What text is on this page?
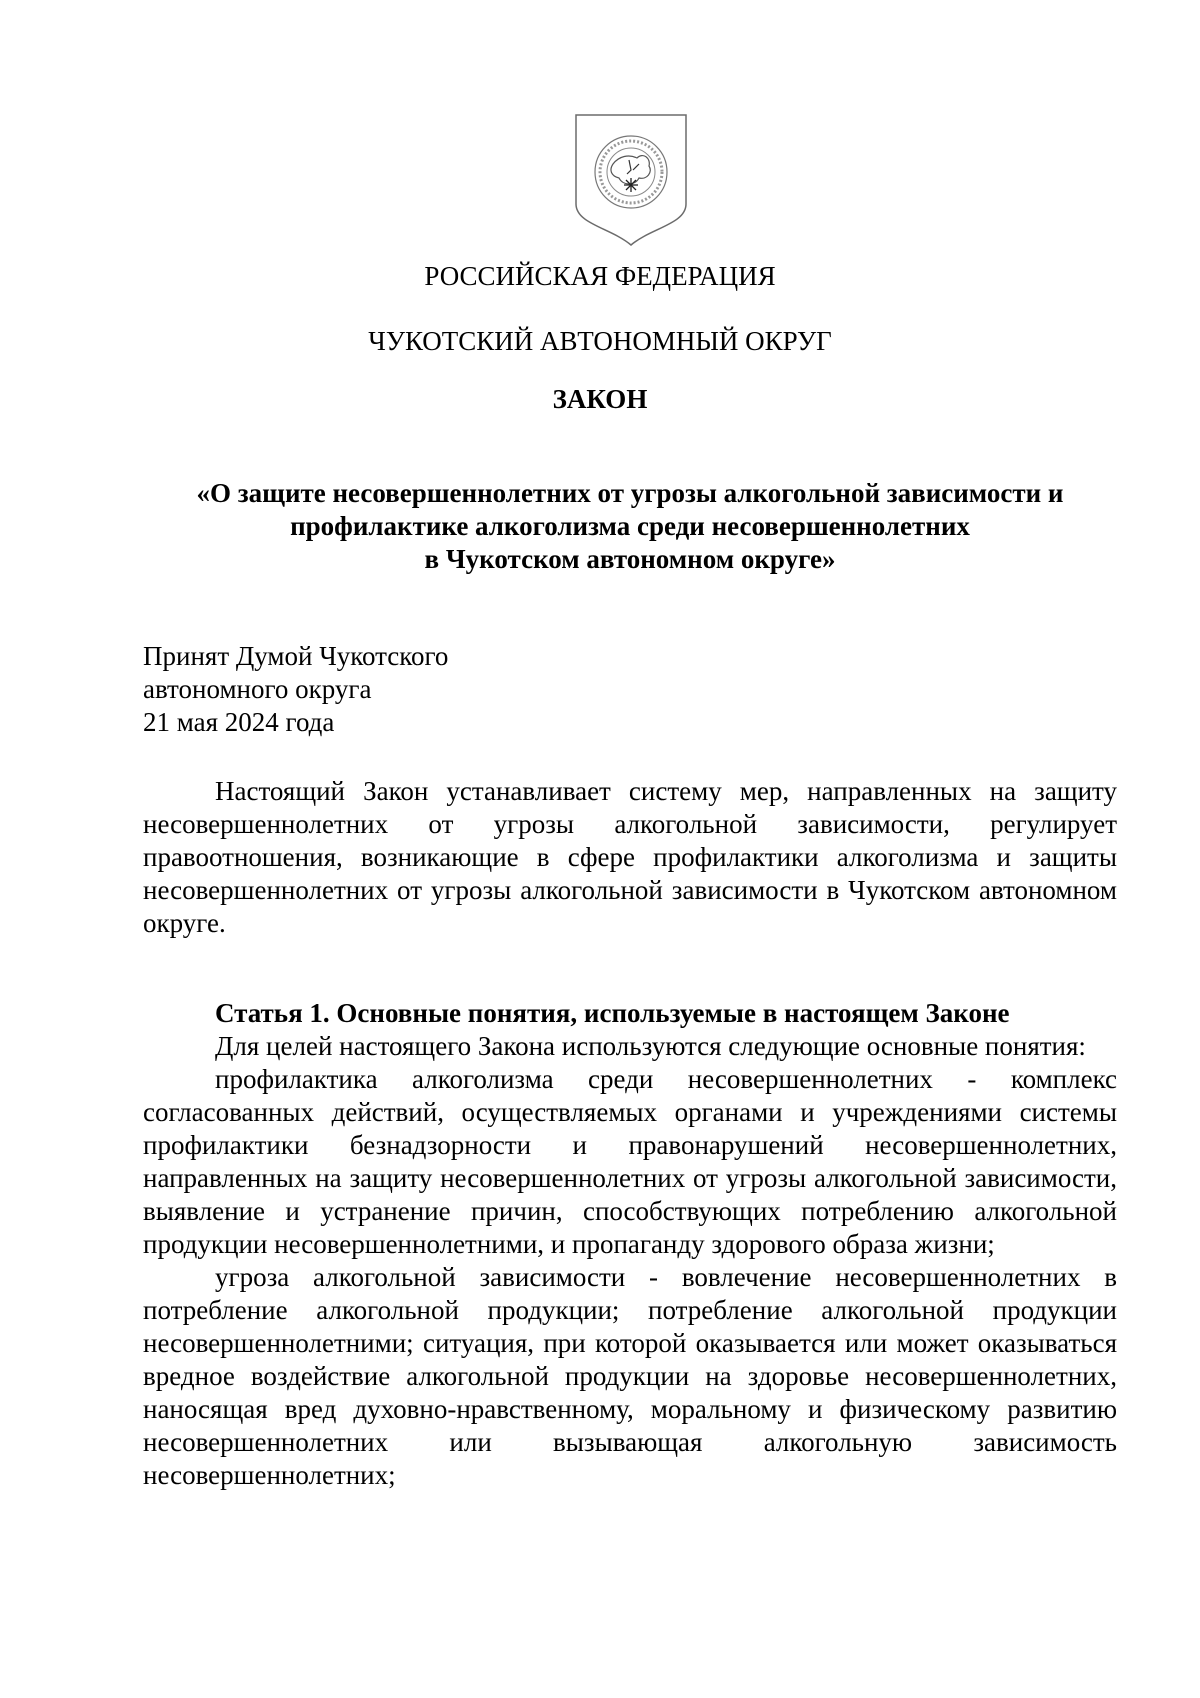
РОССИЙСКАЯ ФЕДЕРАЦИЯ
ЧУКОТСКИЙ АВТОНОМНЫЙ ОКРУГ
ЗАКОН
«О защите несовершеннолетних от угрозы алкогольной зависимости и
профилактике алкоголизма среди несовершеннолетних
в Чукотском автономном округе»
Принят Думой Чукотского
автономного округа
21 мая 2024 года

Настоящий Закон устанавливает систему мер, направленных на защиту несовершеннолетних от угрозы алкогольной зависимости, регулирует правоотношения, возникающие в сфере профилактики алкоголизма и защиты несовершеннолетних от угрозы алкогольной зависимости в Чукотском автономном округе.

Статья 1. Основные понятия, используемые в настоящем Законе

Для целей настоящего Закона используются следующие основные понятия:

профилактика алкоголизма среди несовершеннолетних - комплекс согласованных действий, осуществляемых органами и учреждениями системы профилактики безнадзорности и правонарушений несовершеннолетних, направленных на защиту несовершеннолетних от угрозы алкогольной зависимости, выявление и устранение причин, способствующих потреблению алкогольной продукции несовершеннолетними, и пропаганду здорового образа жизни;

угроза алкогольной зависимости - вовлечение несовершеннолетних в потребление алкогольной продукции; потребление алкогольной продукции несовершеннолетними; ситуация, при которой оказывается или может оказываться вредное воздействие алкогольной продукции на здоровье несовершеннолетних, наносящая вред духовно-нравственному, моральному и физическому развитию несовершеннолетних или вызывающая алкогольную зависимость несовершеннолетних;
